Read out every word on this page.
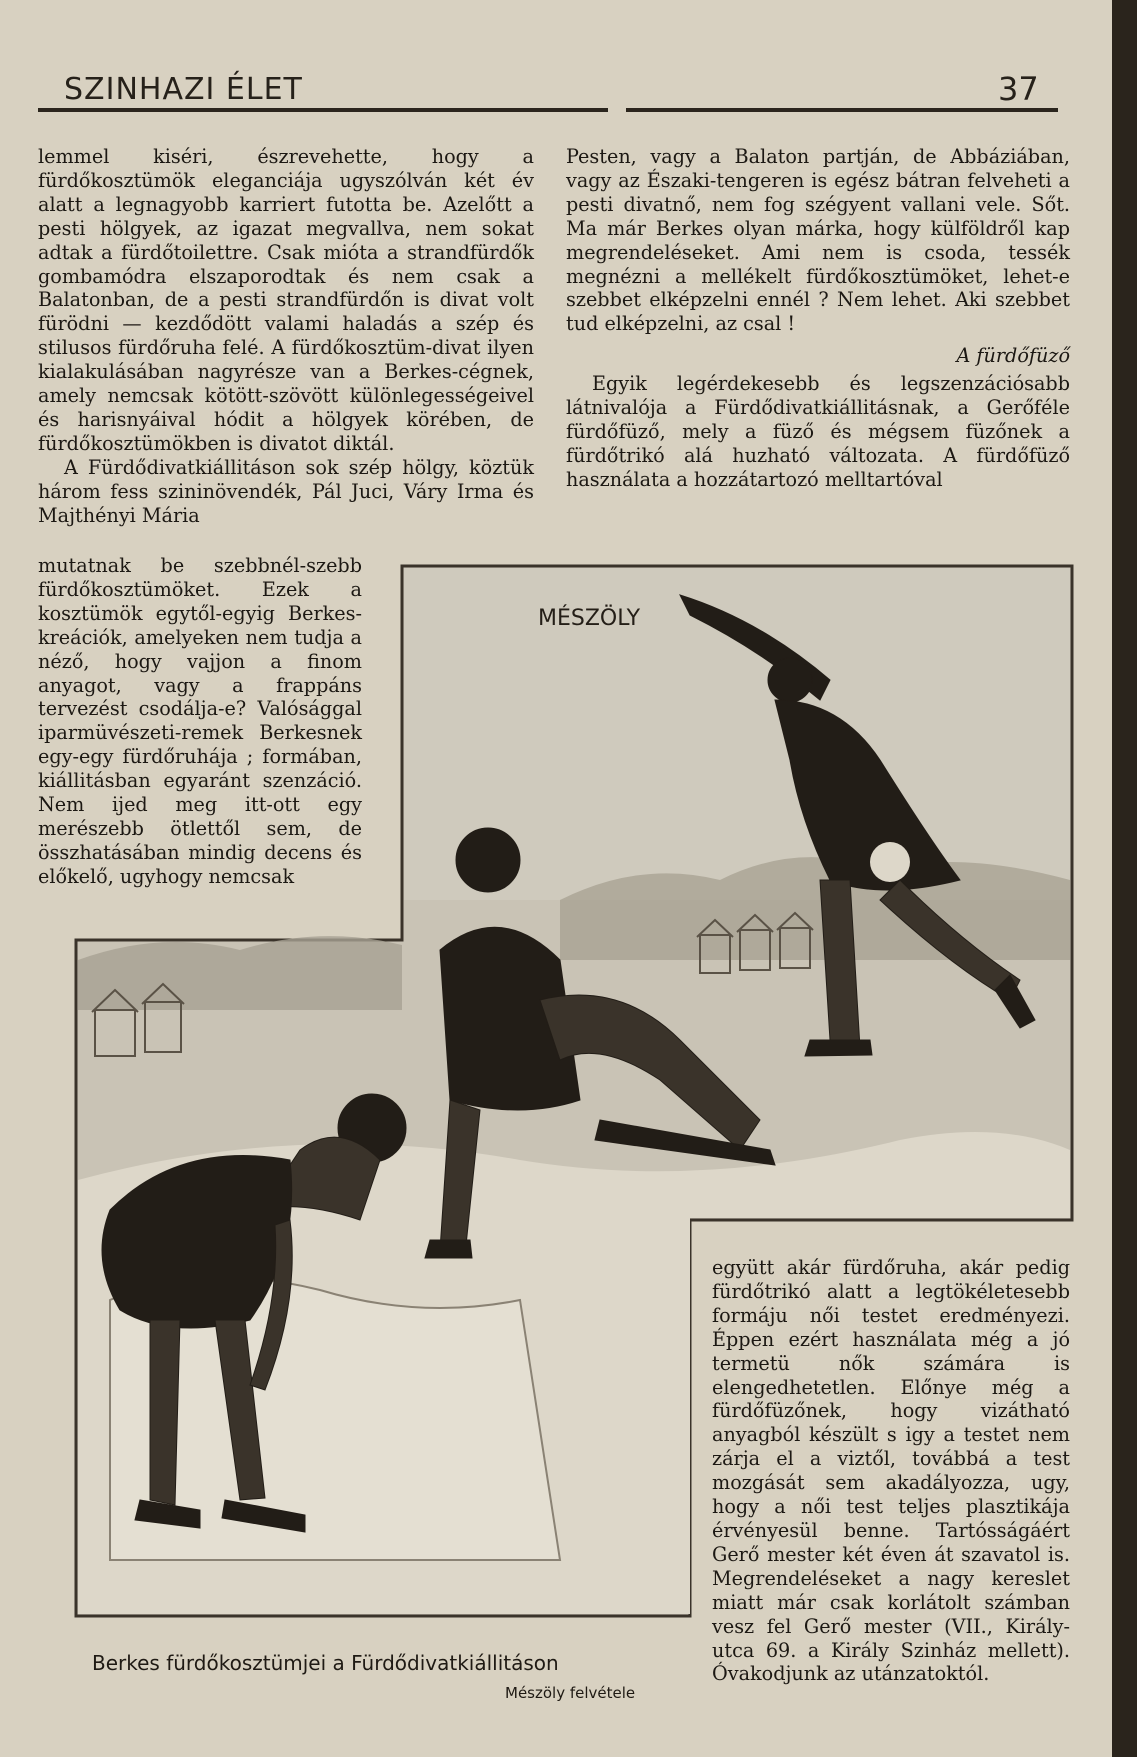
SZINHAZI ÉLET	37
MÉSZÖLY

lemmel kiséri, észrevehette, hogy a fürdőkosztümök eleganciája ugyszólván két év alatt a legnagyobb karriert futotta be. Azelőtt a pesti hölgyek, az igazat megvallva, nem sokat adtak a fürdőtoilettre. Csak mióta a strandfürdők gombamódra elszaporodtak és nem csak a Balatonban, de a pesti strandfürdőn is divat volt fürödni — kezdődött valami haladás a szép és stilusos fürdőruha felé. A fürdőkosztüm-divat ilyen kialakulásában nagyrésze van a Berkes-cégnek, amely nemcsak kötött-szövött különlegességeivel és harisnyáival hódit a hölgyek körében, de fürdőkosztümökben is divatot diktál.

A Fürdődivatkiállitáson sok szép hölgy, köztük három fess szininövendék, Pál Juci, Váry Irma és Majthényi Mária

mutatnak be szebbnél-szebb fürdőkosztümöket. Ezek a kosztümök egytől-egyig Berkes-kreációk, amelyeken nem tudja a néző, hogy vajjon a finom anyagot, vagy a frappáns tervezést csodálja-e? Valósággal iparmüvészeti-remek Berkesnek egy-egy fürdőruhája ; formában, kiállitásban egyaránt szenzáció. Nem ijed meg itt-ott egy merészebb ötlettől sem, de összhatásában mindig decens és előkelő, ugyhogy nemcsak

Pesten, vagy a Balaton partján, de Abbáziában, vagy az Északi-tengeren is egész bátran felveheti a pesti divatnő, nem fog szégyent vallani vele. Sőt. Ma már Berkes olyan márka, hogy külföldről kap megrendeléseket. Ami nem is csoda, tessék megnézni a mellékelt fürdőkosztümöket, lehet-e szebbet elképzelni ennél ? Nem lehet. Aki szebbet tud elképzelni, az csal !

A fürdőfüző

Egyik legérdekesebb és legszenzációsabb látnivalója a Fürdődivatkiállitásnak, a Gerőféle fürdőfüző, mely a füző és mégsem füzőnek a fürdőtrikó alá huzható változata. A fürdőfüző használata a hozzátartozó melltartóval

együtt akár fürdőruha, akár pedig fürdőtrikó alatt a legtökéletesebb formáju női testet eredményezi. Éppen ezért használata még a jó termetü nők számára is elengedhetetlen. Előnye még a fürdőfüzőnek, hogy vizátható anyagból készült s igy a testet nem zárja el a viztől, továbbá a test mozgását sem akadályozza, ugy, hogy a női test teljes plasztikája érvényesül benne. Tartósságáért Gerő mester két éven át szavatol is. Megrendeléseket a nagy kereslet miatt már csak korlátolt számban vesz fel Gerő mester (VII., Király-utca 69. a Király Szinház mellett). Óvakodjunk az utánzatoktól.

Berkes fürdőkosztümjei a Fürdődivatkiállitáson
Mészöly felvétele
